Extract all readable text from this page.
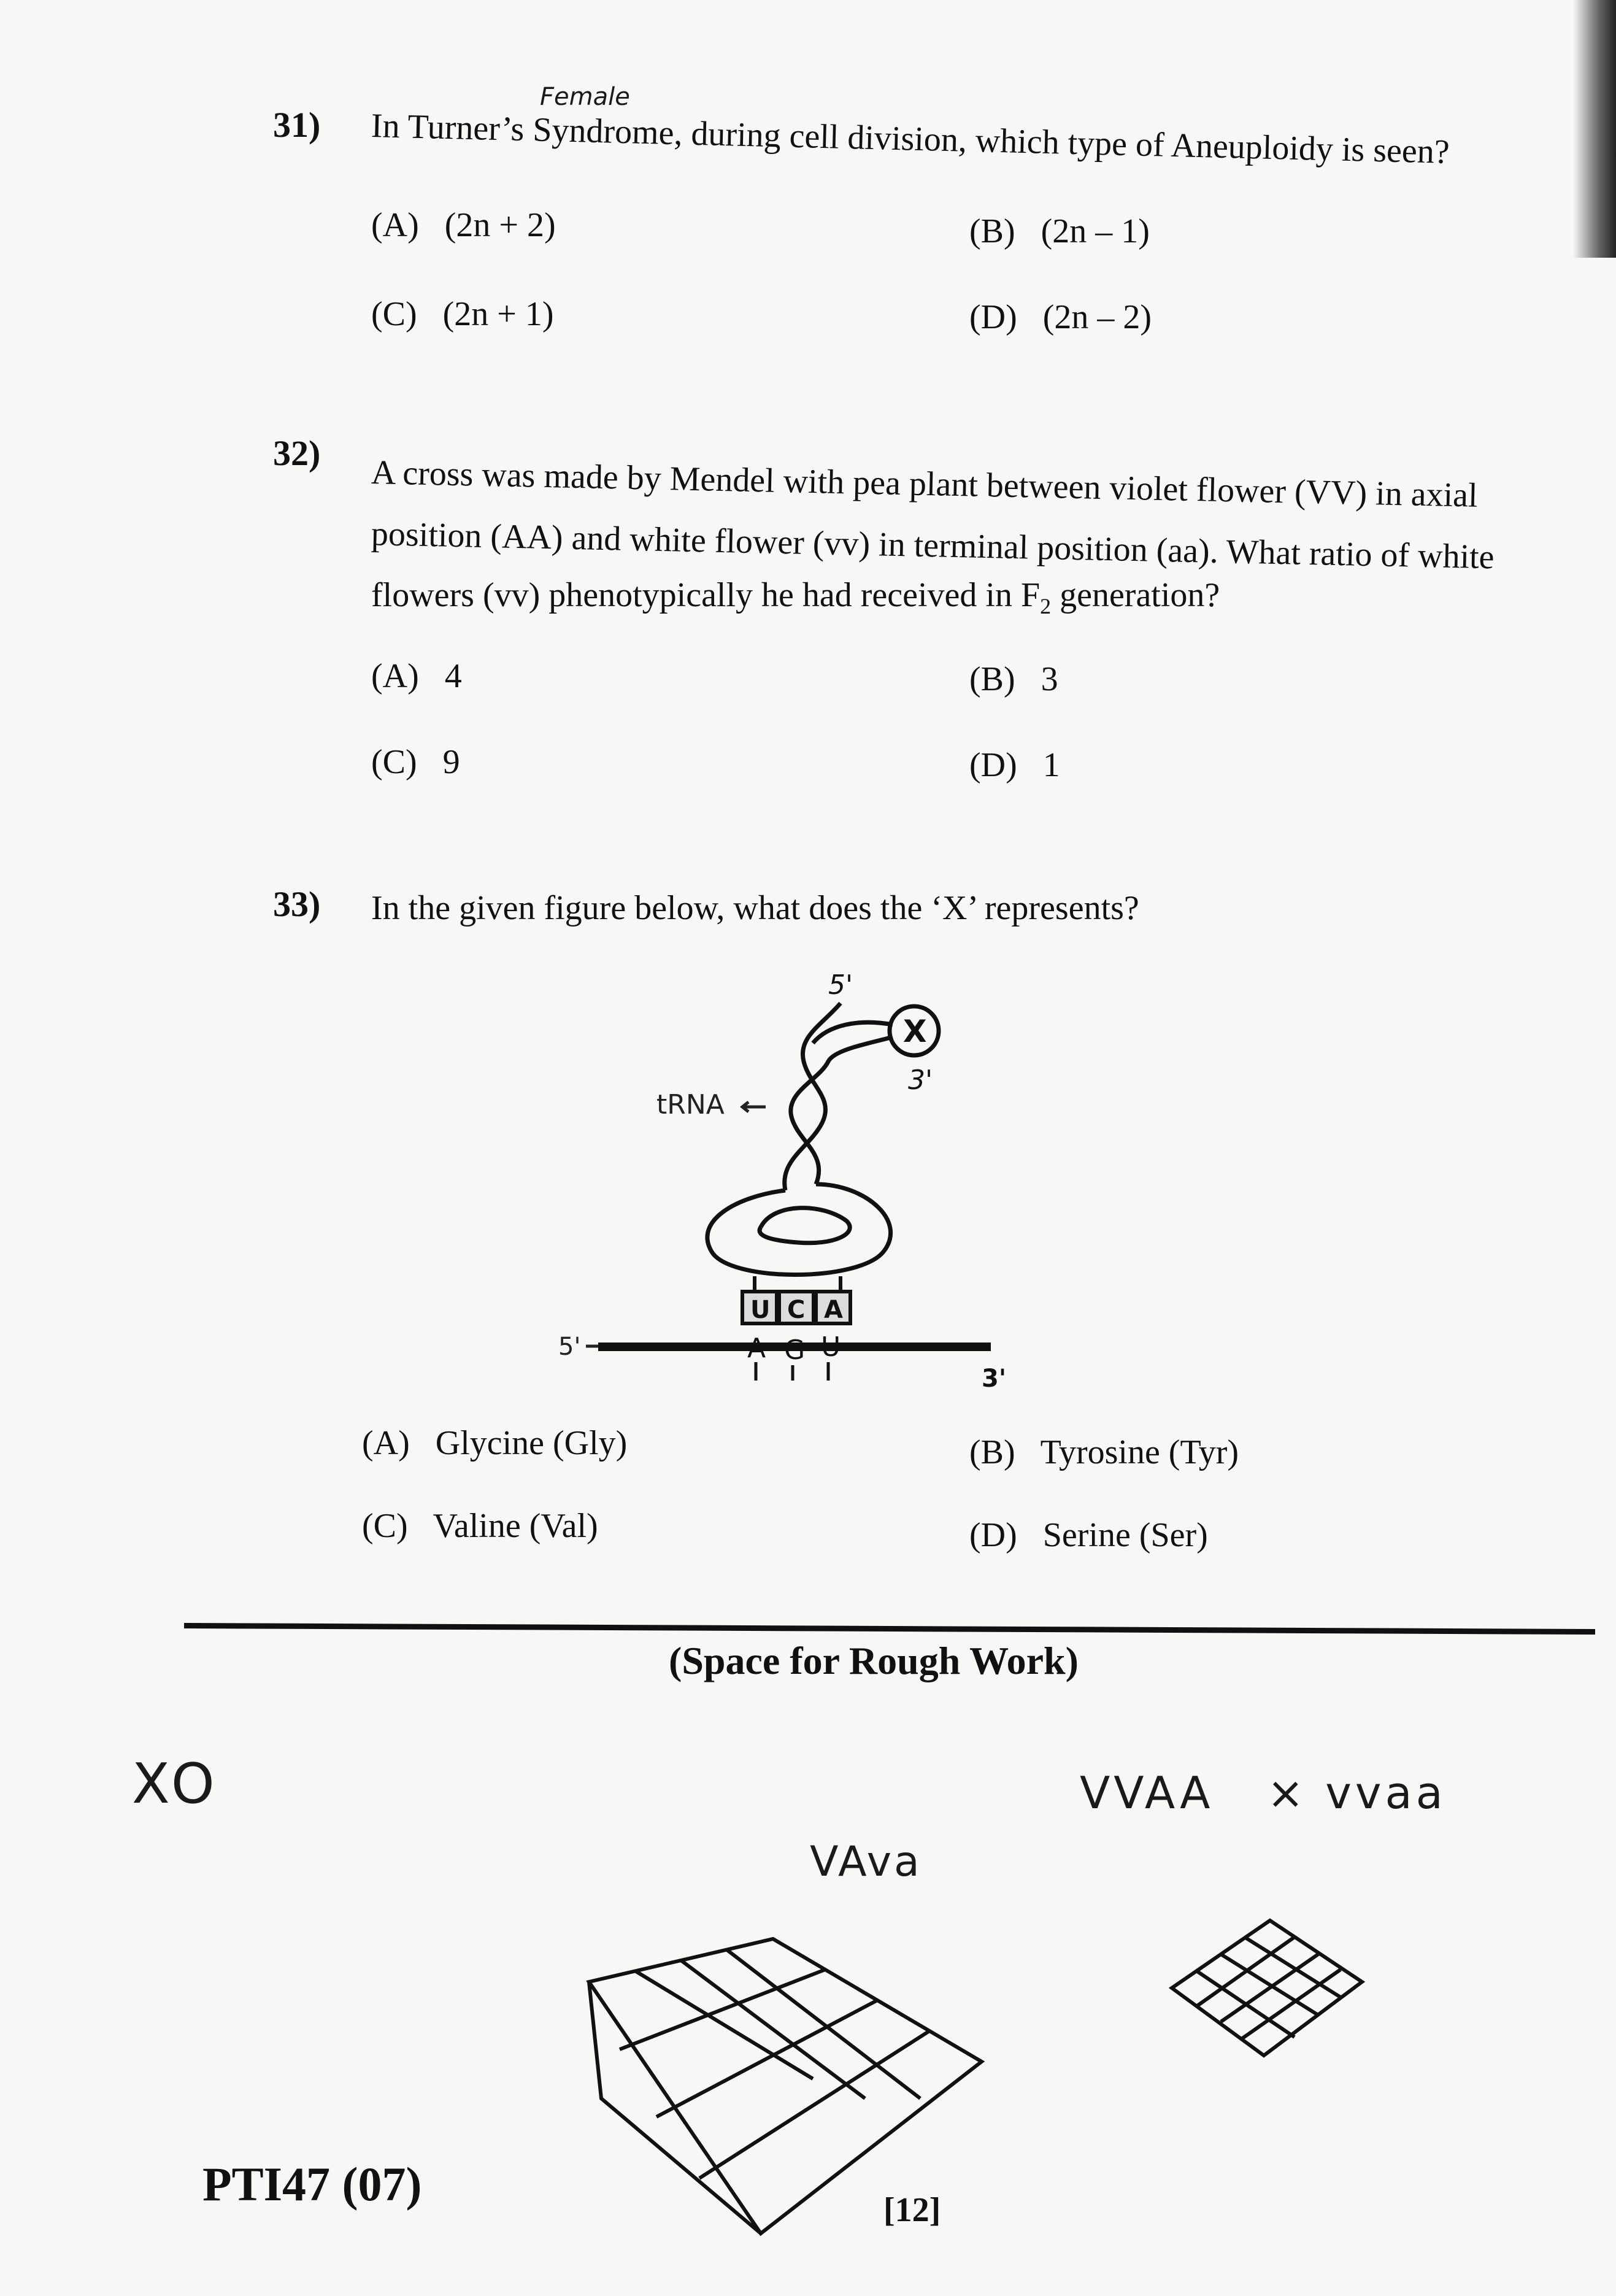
Female
31) In Turner’s Syndrome, during cell division, which type of Aneuploidy is seen?
(A) (2n + 2)	(B) (2n – 1)
(C) (2n + 1)	(D) (2n – 2)
32)
A cross was made by Mendel with pea plant between violet flower (VV) in axial
position (AA) and white flower (vv) in terminal position (aa). What ratio of white
flowers (vv) phenotypically he had received in $F_2$ generation?
(A) 4	(B) 3
(C) 9	(D) 1
33) In the given figure below, what does the ‘X’ represents?
tRNA
5'
3'
X
U C A
5'
3'
(A) Glycine (Gly)	(B) Tyrosine (Tyr)
(C) Valine (Val)	(D) Serine (Ser)
(Space for Rough Work)
XO	VVAA   × vvaa
VAva
PTI47 (07)	[12]
